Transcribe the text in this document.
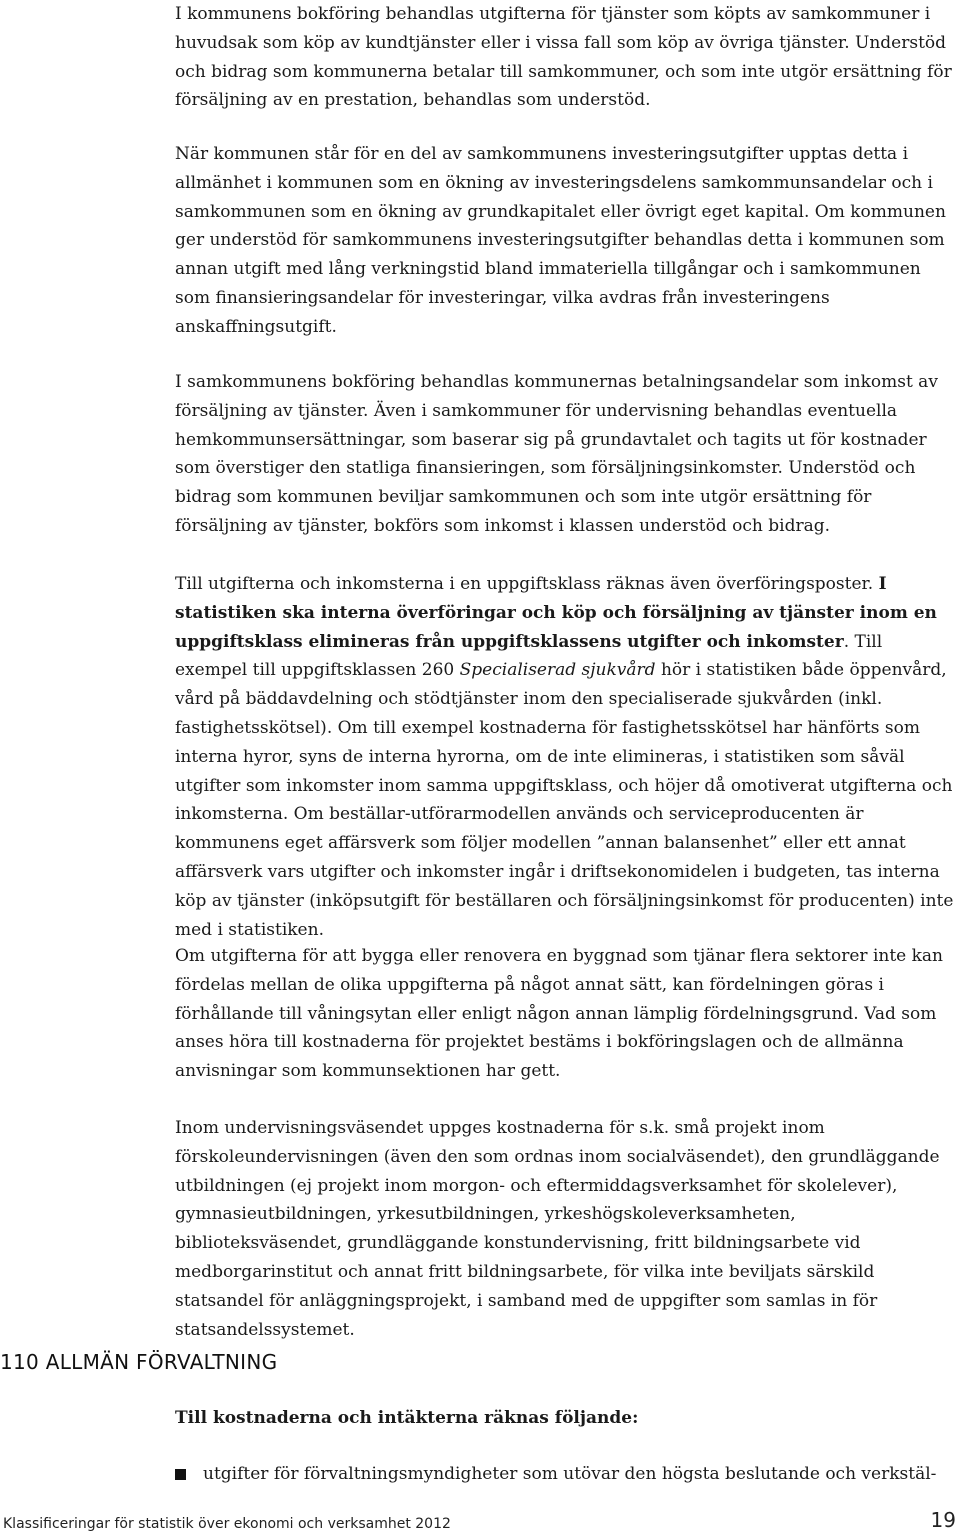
I kommunens bokföring behandlas utgifterna för tjänster som köpts av samkommuner i huvudsak som köp av kundtjänster eller i vissa fall som köp av övriga tjänster. Understöd och bidrag som kommunerna betalar till samkommuner, och som inte utgör ersättning för försäljning av en prestation, behandlas som understöd.

När kommunen står för en del av samkommunens investeringsutgifter upptas detta i allmänhet i kommunen som en ökning av investeringsdelens samkommunsandelar och i samkommunen som en ökning av grundkapitalet eller övrigt eget kapital. Om kommunen ger understöd för samkommunens investeringsutgifter behandlas detta i kommunen som annan utgift med lång verkningstid bland immateriella tillgångar och i samkommunen som finansieringsandelar för investeringar, vilka avdras från investeringens anskaffningsutgift.

I samkommunens bokföring behandlas kommunernas betalningsandelar som inkomst av försäljning av tjänster. Även i samkommuner för undervisning behandlas eventuella hemkommunsersättningar, som baserar sig på grundavtalet och tagits ut för kostnader som överstiger den statliga finansieringen, som försäljningsinkomster. Understöd och bidrag som kommunen beviljar samkommunen och som inte utgör ersättning för försäljning av tjänster, bokförs som inkomst i klassen understöd och bidrag.

Till utgifterna och inkomsterna i en uppgiftsklass räknas även överföringsposter. I statistiken ska interna överföringar och köp och försäljning av tjänster inom en uppgiftsklass elimineras från uppgiftsklassens utgifter och inkomster. Till exempel till uppgiftsklassen 260 Specialiserad sjukvård hör i statistiken både öppenvård, vård på bäddavdelning och stödtjänster inom den specialiserade sjukvården (inkl. fastighetsskötsel). Om till exempel kostnaderna för fastighetsskötsel har hänförts som interna hyror, syns de interna hyrorna, om de inte elimineras, i statistiken som såväl utgifter som inkomster inom samma uppgiftsklass, och höjer då omotiverat utgifterna och inkomsterna. Om beställar-utförarmodellen används och serviceproducenten är kommunens eget affärsverk som följer modellen ”annan balansenhet” eller ett annat affärsverk vars utgifter och inkomster ingår i driftsekonomidelen i budgeten, tas interna köp av tjänster (inköpsutgift för beställaren och försäljningsinkomst för producenten) inte med i statistiken.

Om utgifterna för att bygga eller renovera en byggnad som tjänar flera sektorer inte kan fördelas mellan de olika uppgifterna på något annat sätt, kan fördelningen göras i förhållande till våningsytan eller enligt någon annan lämplig fördelningsgrund. Vad som anses höra till kostnaderna för projektet bestäms i bokföringslagen och de allmänna anvisningar som kommunsektionen har gett.

Inom undervisningsväsendet uppges kostnaderna för s.k. små projekt inom förskoleundervisningen (även den som ordnas inom socialväsendet), den grundläggande utbildningen (ej projekt inom morgon- och eftermiddagsverksamhet för skolelever), gymnasieutbildningen, yrkesutbildningen, yrkeshögskoleverksamheten, biblioteksväsendet, grundläggande konstundervisning, fritt bildningsarbete vid medborgarinstitut och annat fritt bildningsarbete, för vilka inte beviljats särskild statsandel för anläggningsprojekt, i samband med de uppgifter som samlas in för statsandelssystemet.

110 ALLMÄN FÖRVALTNING
Till kostnaderna och intäkterna räknas följande:
utgifter för förvaltningsmyndigheter som utövar den högsta beslutande och verkstäl-
Klassificeringar för statistik över ekonomi och verksamhet 2012	19
